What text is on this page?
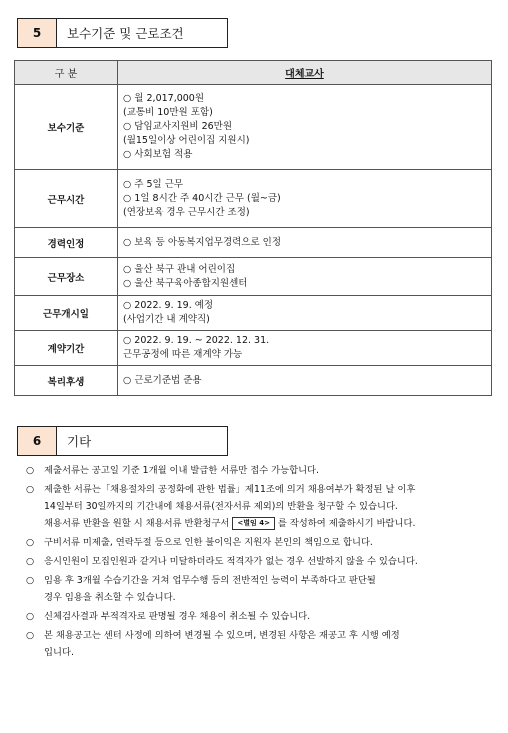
5	보수기준 및 근로조건
구 분	대체교사
보수기준	○ 월 2,017,000원
(교통비 10만원 포함)
○ 담임교사지원비 26만원
(월15일이상 어린이집 지원시)
○ 사회보험 적용

근무시간	○ 주 5일 근무
○ 1일 8시간 주 40시간 근무 (월~금)
(연장보육 경우 근무시간 조정)

경력인정	○ 보육 등 아동복지업무경력으로 인정

근무장소	○ 울산 북구 관내 어린이집
○ 울산 북구육아종합지원센터

근무개시일	○ 2022. 9. 19. 예정
(사업기간 내 계약직)

계약기간	○ 2022. 9. 19. ~ 2022. 12. 31.
근무공정에 따른 재계약 가능

복리후생	○ 근로기준법 준용
6	기타
○ 제출서류는 공고일 기준 1개월 이내 발급한 서류만 접수 가능합니다.
○ 제출한 서류는「채용절차의 공정화에 관한 법률」제11조에 의거 채용여부가 확정된 날 이후
14일부터 30일까지의 기간내에 채용서류(전자서류 제외)의 반환을 청구할 수 있습니다.
채용서류 반환을 원할 시 채용서류 반환청구서 <별임 4> 를 작성하여 제출하시기 바랍니다.
○ 구비서류 미제출, 연락두절 등으로 인한 불이익은 지원자 본인의 책임으로 합니다.
○ 응시인원이 모집인원과 같거나 미달하더라도 적격자가 없는 경우 선발하지 않을 수 있습니다.
○ 임용 후 3개월 수습기간을 거쳐 업무수행 등의 전반적인 능력이 부족하다고 판단될
경우 임용을 취소할 수 있습니다.
○ 신체검사결과 부적격자로 판명될 경우 채용이 취소될 수 있습니다.
○ 본 채용공고는 센터 사정에 의하여 변경될 수 있으며, 변경된 사항은 재공고 후 시행 예정
입니다.
